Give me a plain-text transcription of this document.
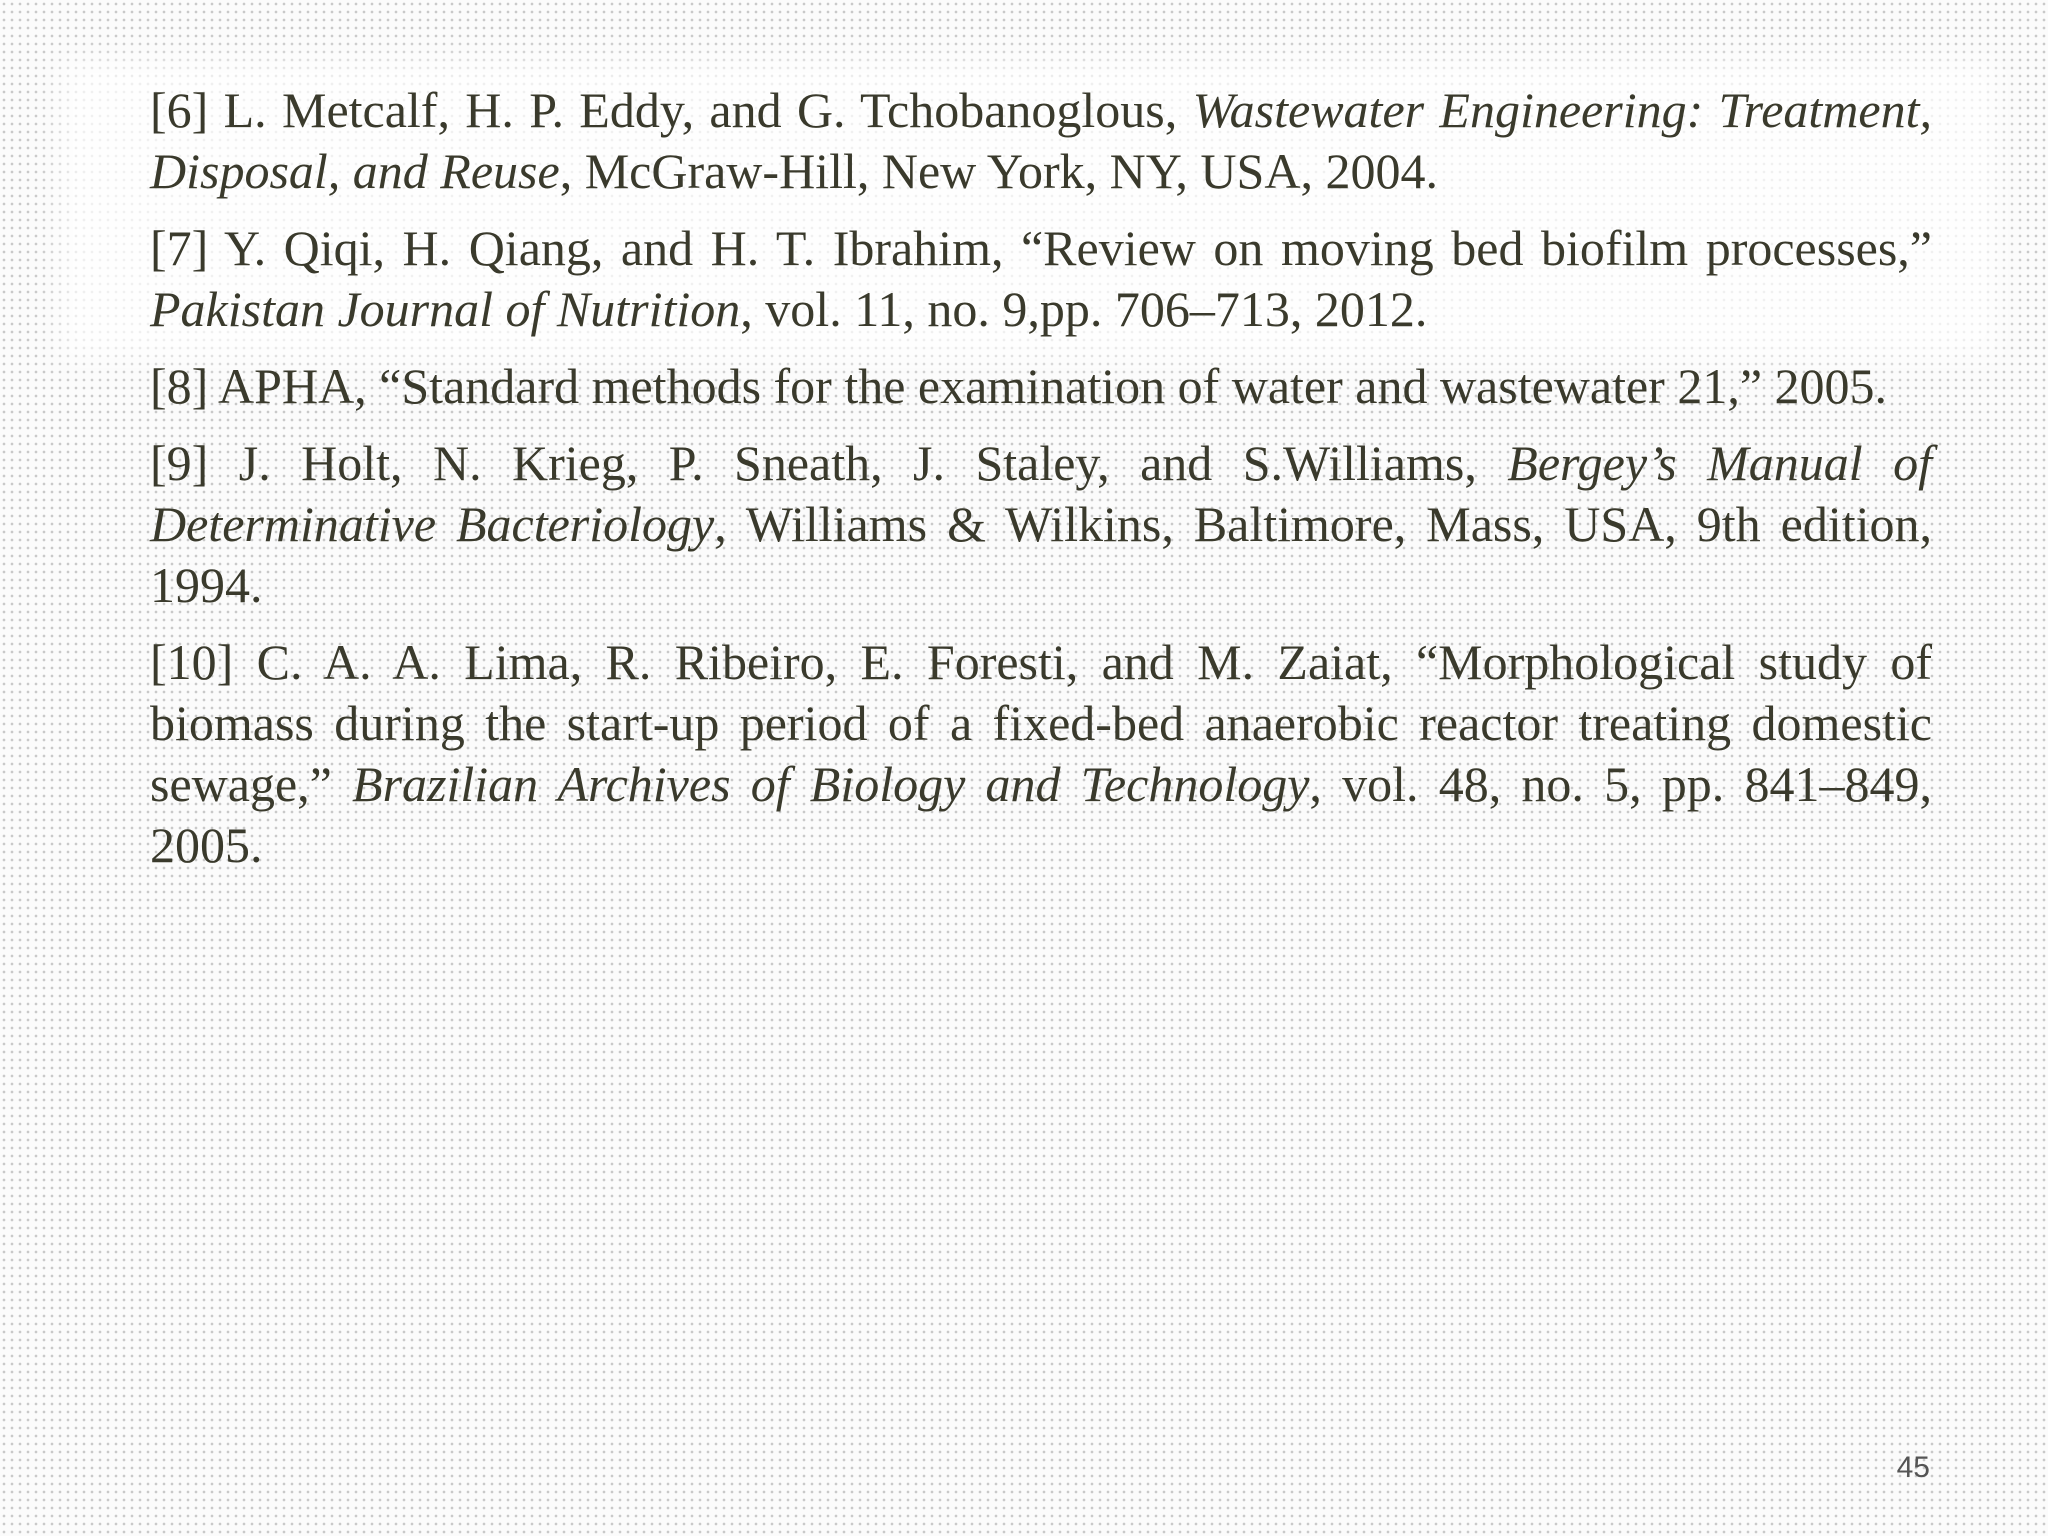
[6] L. Metcalf, H. P. Eddy, and G. Tchobanoglous, Wastewater Engineering: Treatment, Disposal, and Reuse, McGraw-Hill, New York, NY, USA, 2004.
[7] Y. Qiqi, H. Qiang, and H. T. Ibrahim, “Review on moving bed biofilm processes,” Pakistan Journal of Nutrition, vol. 11, no. 9,pp. 706–713, 2012.
[8] APHA, “Standard methods for the examination of water and wastewater 21,” 2005.
[9] J. Holt, N. Krieg, P. Sneath, J. Staley, and S.Williams, Bergey’s Manual of Determinative Bacteriology, Williams & Wilkins, Baltimore, Mass, USA, 9th edition, 1994.
[10] C. A. A. Lima, R. Ribeiro, E. Foresti, and M. Zaiat, “Morphological study of biomass during the start-up period of a fixed-bed anaerobic reactor treating domestic sewage,” Brazilian Archives of Biology and Technology, vol. 48, no. 5, pp. 841–849, 2005.
45
